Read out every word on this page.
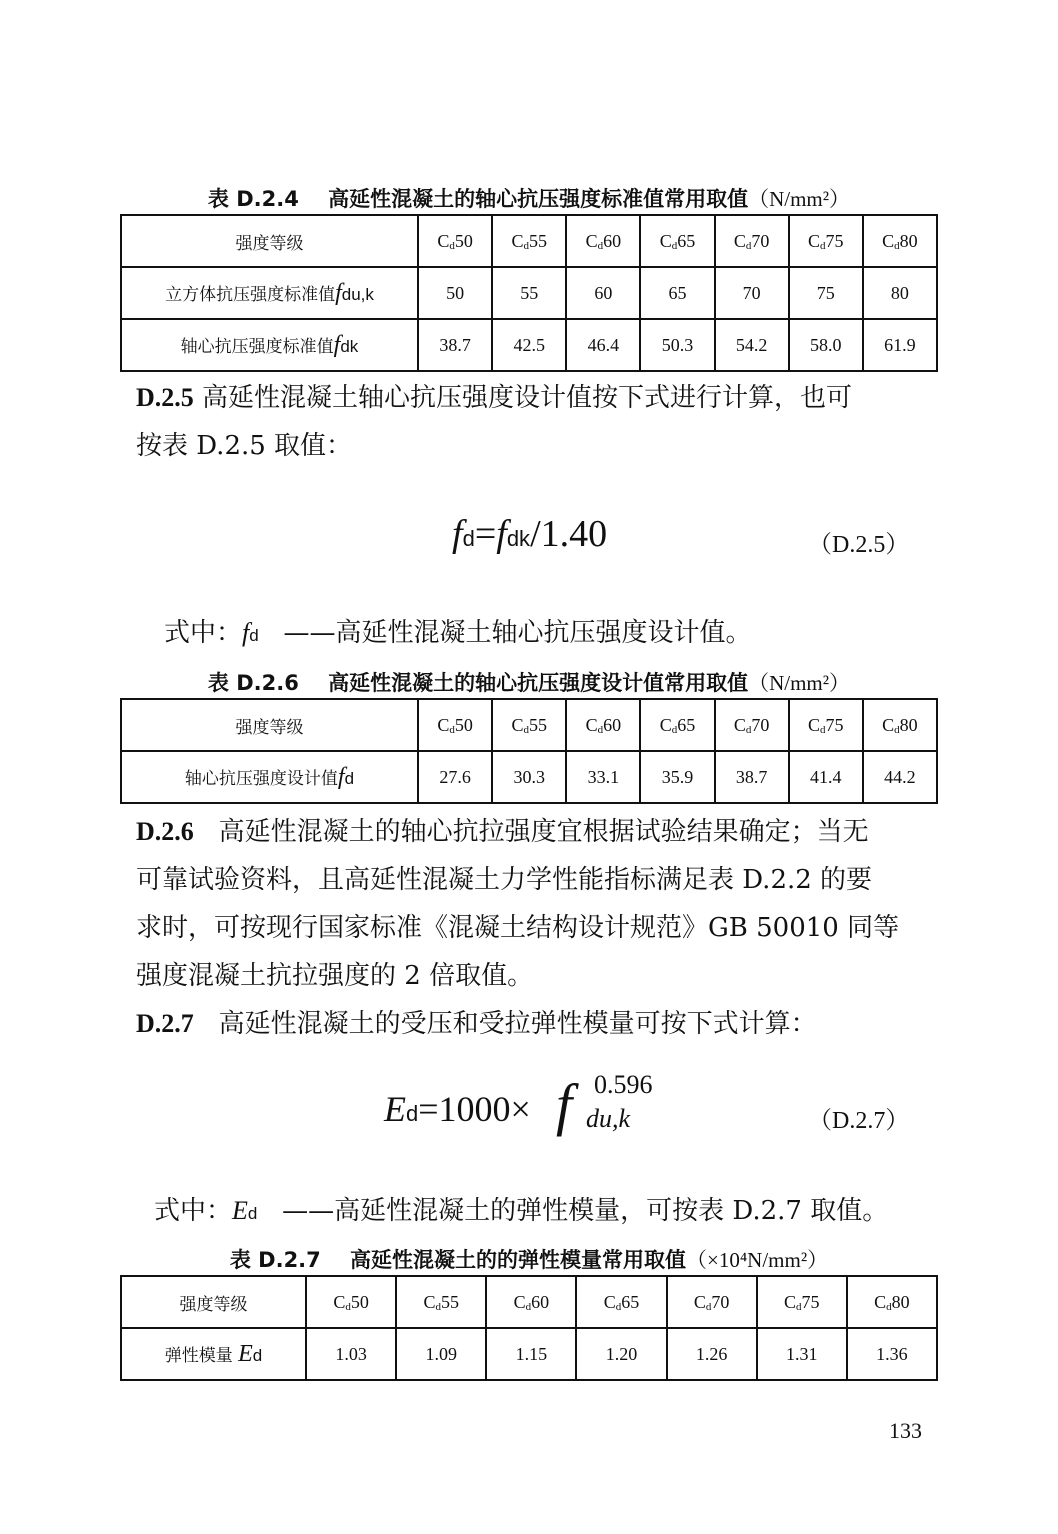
表 D.2.4 高延性混凝土的轴心抗压强度标准值常用取值（N/mm²）
强度等级	Cd50	Cd55	Cd60	Cd65	Cd70	Cd75	Cd80
立方体抗压强度标准值fdu,k	50	55	60	65	70	75	80
轴心抗压强度标准值fdk	38.7	42.5	46.4	50.3	54.2	58.0	61.9
D.2.5 高延性混凝土轴心抗压强度设计值按下式进行计算，也可
按表 D.2.5 取值：
fd=fdk/1.40	（D.2.5）
式中：fd ——高延性混凝土轴心抗压强度设计值。
表 D.2.6 高延性混凝土的轴心抗压强度设计值常用取值（N/mm²）
强度等级	Cd50	Cd55	Cd60	Cd65	Cd70	Cd75	Cd80
轴心抗压强度设计值fd	27.6	30.3	33.1	35.9	38.7	41.4	44.2
D.2.6 高延性混凝土的轴心抗拉强度宜根据试验结果确定；当无
可靠试验资料，且高延性混凝土力学性能指标满足表 D.2.2 的要
求时，可按现行国家标准《混凝土结构设计规范》GB 50010 同等
强度混凝土抗拉强度的 2 倍取值。
D.2.7 高延性混凝土的受压和受拉弹性模量可按下式计算：
Ed=1000× f 0.596
du,k	（D.2.7）
式中：Ed ——高延性混凝土的弹性模量，可按表 D.2.7 取值。
表 D.2.7 高延性混凝土的的弹性模量常用取值（×10⁴N/mm²）
强度等级	Cd50	Cd55	Cd60	Cd65	Cd70	Cd75	Cd80
弹性模量 Ed	1.03	1.09	1.15	1.20	1.26	1.31	1.36
133
